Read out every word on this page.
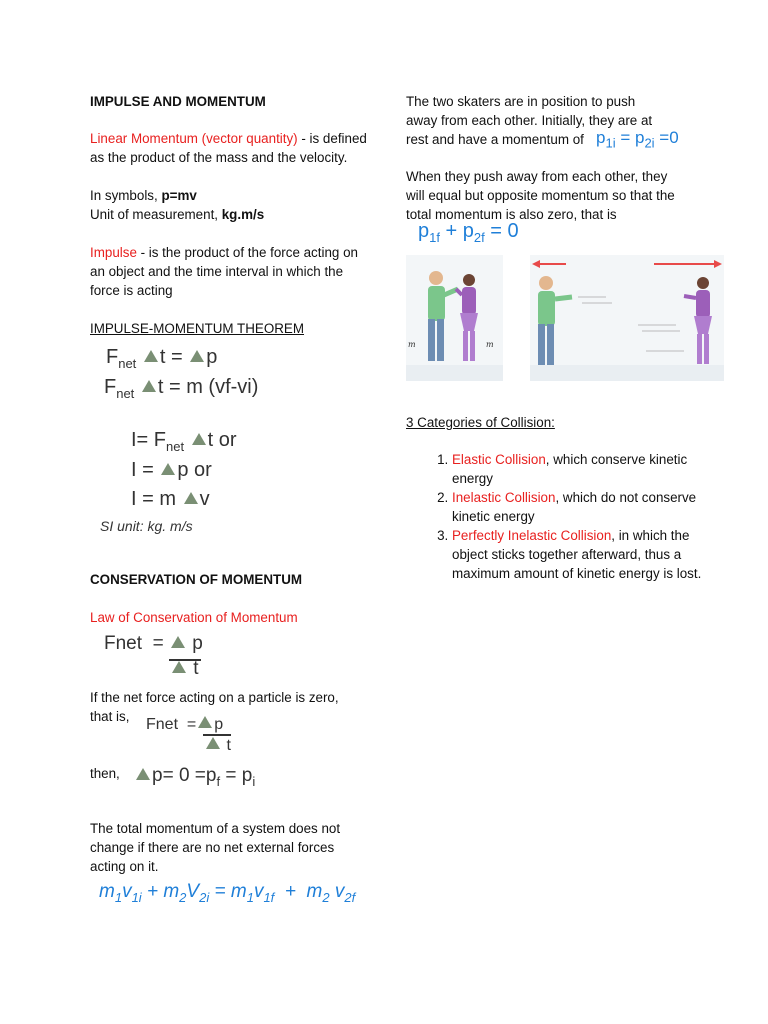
IMPULSE AND MOMENTUM

Linear Momentum (vector quantity) - is defined as the product of the mass and the velocity.

In symbols, p=mv

Unit of measurement, kg.m/s

Impulse - is the product of the force acting on an object and the time interval in which the force is acting

IMPULSE-MOMENTUM THEOREM

$F_{net}$ t = p
$F_{net}$ t = m (vf-vi)
$I= F_{net}$ t or
I = p or
I = m v
SI unit: kg. m/s

CONSERVATION OF MOMENTUM

Law of Conservation of Momentum

Fnet  =  p
t

If the net force acting on a particle is zero, that is,	Fnet  = p
t

then,	$p= 0 =p_f = p_i$

The total momentum of a system does not change if there are no net external forces acting on it.

$m_1v_{1i} + m_2V_{2i} = m_1v_{1f} + m_2$ $v_{2f}$

The two skaters are in position to push away from each other. Initially, they are at rest and have a momentum of $p_{1i} = p_{2i} =0$

When they push away from each other, they will equal but opposite momentum so that the total momentum is also zero, that is

$p_{1f} + p_{2f} = 0$
m	m

3 Categories of Collision:

1. Elastic Collision, which conserve kinetic energy
2. Inelastic Collision, which do not conserve kinetic energy
3. Perfectly Inelastic Collision, in which the object sticks together afterward, thus a maximum amount of kinetic energy is lost.
